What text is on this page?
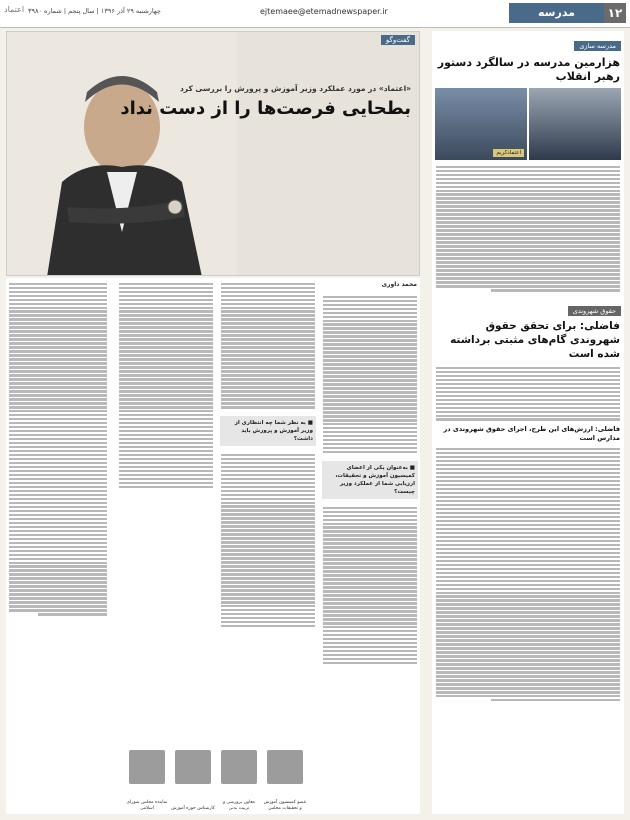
۱۲
مدرسه
ejtemaee@etemadnewspaper.ir
چهارشنبه ۲۹ آذر ۱۳۹۶ | سال پنجم | شماره ۳۹۸۰
اعتماد
مدرسه سازی
هزارمین مدرسه در سالگرد دستور رهبر انقلاب
اعتمادکریم
حقوق شهروندی
فاضلی: برای تحقق حقوق شهروندی گام‌های مثبتی برداشته شده است
فاضلی: ارزش‌های این طرح، اجرای حقوق شهروندی در مدارس است
گفت‌وگو
«اعتماد» در مورد عملکرد وزیر آموزش و پرورش را بررسی کرد
بطحایی فرصت‌ها را از دست نداد
محمد داوری
■ به‌عنوان یکی از اعضای کمیسیون آموزش و تحقیقات، ارزیابی شما از عملکرد وزیر چیست؟
■ به نظر شما چه انتظاری از وزیر آموزش و پرورش باید داشت؟
عضو کمیسیون آموزش و تحقیقات مجلس
معاون پرورشی و تربیت بدنی
کارشناس حوزه آموزش
نماینده مجلس شورای اسلامی
